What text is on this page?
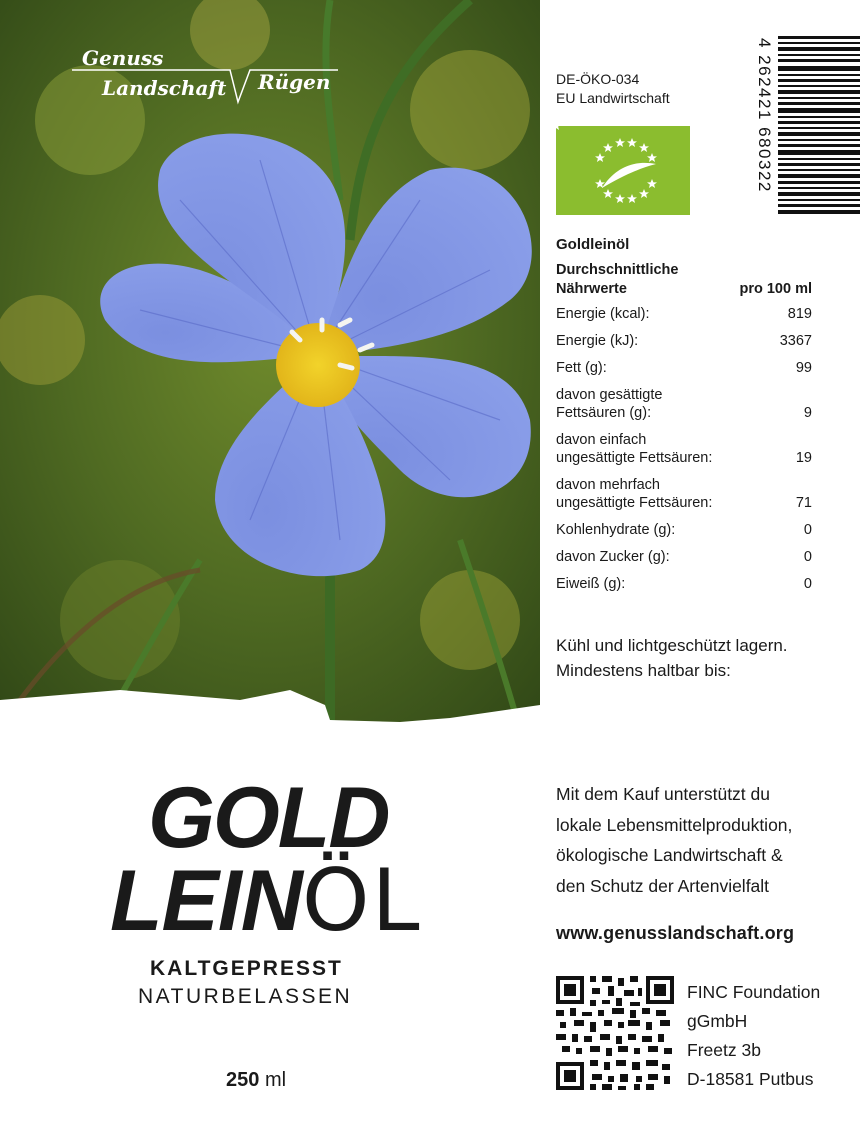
Genuss
Landschaft Rügen	DE-ÖKO-034
EU Landwirtschaft	4 262421 680322
Goldleinöl
Durchschnittliche
Nährwerte	pro 100 ml
Energie (kcal):	819
Energie (kJ):	3367
Fett (g):	99
davon gesättigte
Fettsäuren (g):	9
davon einfach
ungesättigte Fettsäuren:	19
davon mehrfach
ungesättigte Fettsäuren:	71
Kohlenhydrate (g):	0
davon Zucker (g):	0
Eiweiß (g):	0
Kühl und lichtgeschützt lagern.
Mindestens haltbar bis:
Mit dem Kauf unterstützt du
lokale Lebensmittelproduktion,
ökologische Landwirtschaft &
den Schutz der Artenvielfalt
www.genusslandschaft.org
FINC Foundation
gGmbH
Freetz 3b
D-18581 Putbus
GOLD
LEINÖL
KALTGEPRESST
NATURBELASSEN
250 ml
